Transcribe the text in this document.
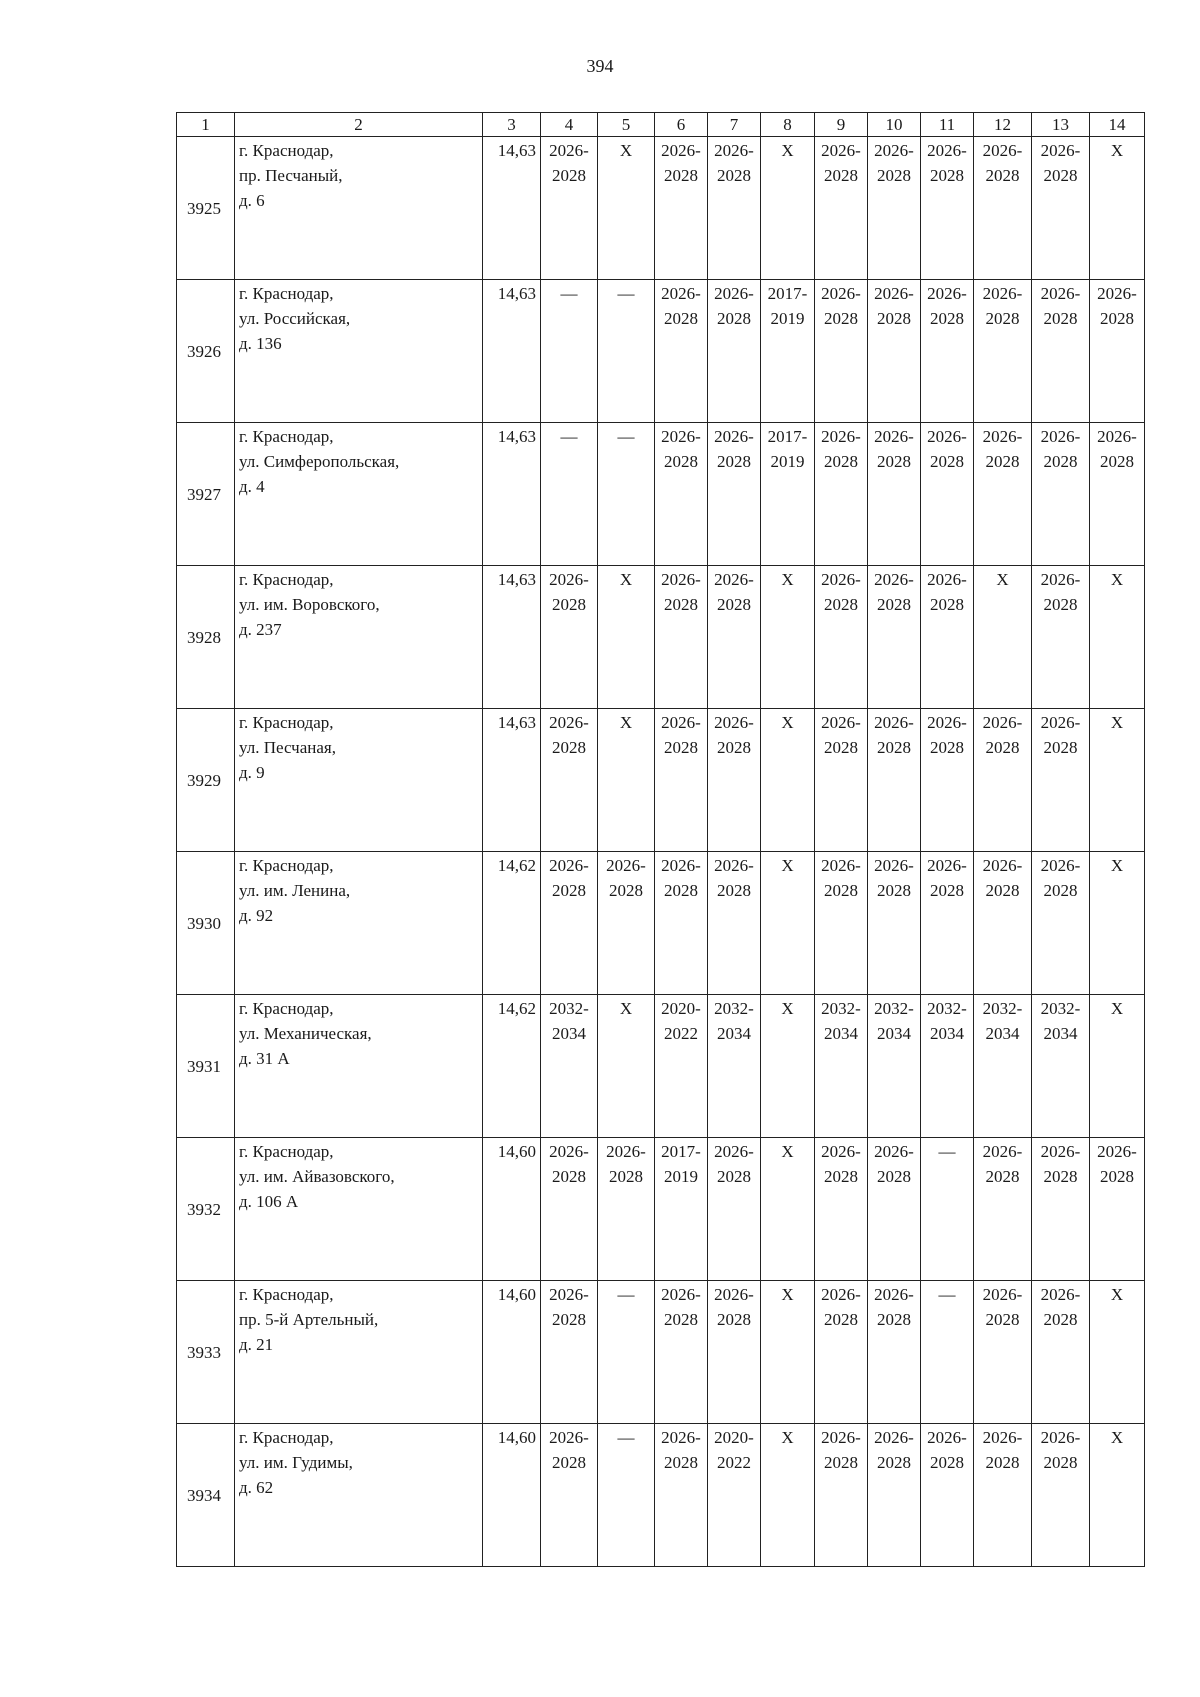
394
1	2	3	4	5	6	7	8	9	10	11	12	13	14
3925	г. Краснодар,
пр. Песчаный,
д. 6	14,63	2026-
2028	X	2026-
2028	2026-
2028	X	2026-
2028	2026-
2028	2026-
2028	2026-
2028	2026-
2028	X
3926	г. Краснодар,
ул. Российская,
д. 136	14,63	—	—	2026-
2028	2026-
2028	2017-
2019	2026-
2028	2026-
2028	2026-
2028	2026-
2028	2026-
2028	2026-
2028

3927	г. Краснодар,
ул. Симферопольская,
д. 4	14,63	—	—	2026-
2028	2026-
2028	2017-
2019	2026-
2028	2026-
2028	2026-
2028	2026-
2028	2026-
2028	2026-
2028

3928	г. Краснодар,
ул. им. Воровского,
д. 237	14,63	2026-
2028	X	2026-
2028	2026-
2028	X	2026-
2028	2026-
2028	2026-
2028	X	2026-
2028	X
3929	г. Краснодар,
ул. Песчаная,
д. 9	14,63	2026-
2028	X	2026-
2028	2026-
2028	X	2026-
2028	2026-
2028	2026-
2028	2026-
2028	2026-
2028	X
3930	г. Краснодар,
ул. им. Ленина,
д. 92	14,62	2026-
2028	2026-
2028	2026-
2028	2026-
2028	X	2026-
2028	2026-
2028	2026-
2028	2026-
2028	2026-
2028	X
3931	г. Краснодар,
ул. Механическая,
д. 31 А	14,62	2032-
2034	X	2020-
2022	2032-
2034	X	2032-
2034	2032-
2034	2032-
2034	2032-
2034	2032-
2034	X
3932	г. Краснодар,
ул. им. Айвазовского,
д. 106 А	14,60	2026-
2028	2026-
2028	2017-
2019	2026-
2028	X	2026-
2028	2026-
2028	—	2026-
2028	2026-
2028	2026-
2028

3933	г. Краснодар,
пр. 5-й Артельный,
д. 21	14,60	2026-
2028	—	2026-
2028	2026-
2028	X	2026-
2028	2026-
2028	—	2026-
2028	2026-
2028	X
3934	г. Краснодар,
ул. им. Гудимы,
д. 62	14,60	2026-
2028	—	2026-
2028	2020-
2022	X	2026-
2028	2026-
2028	2026-
2028	2026-
2028	2026-
2028	X
